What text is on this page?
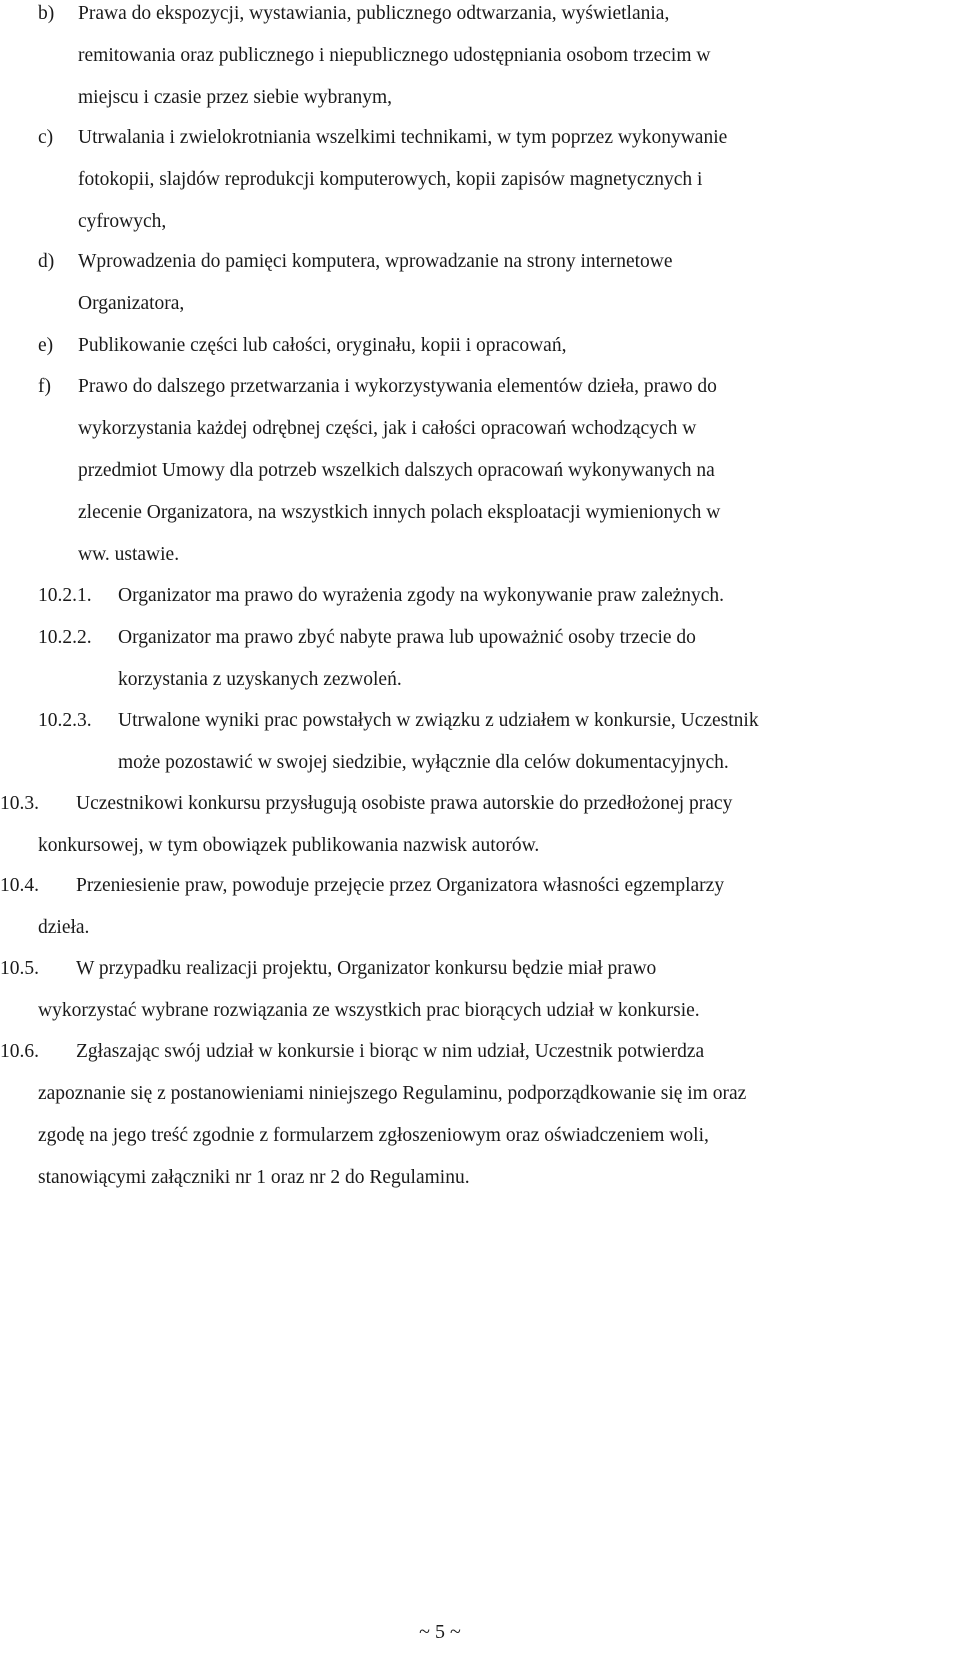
b) Prawa do ekspozycji, wystawiania, publicznego odtwarzania, wyświetlania,
remitowania oraz publicznego i niepublicznego udostępniania osobom trzecim w
miejscu i czasie przez siebie wybranym,
c) Utrwalania i zwielokrotniania wszelkimi technikami, w tym poprzez wykonywanie
fotokopii, slajdów reprodukcji komputerowych, kopii zapisów magnetycznych i
cyfrowych,
d) Wprowadzenia do pamięci komputera, wprowadzanie na strony internetowe
Organizatora,
e) Publikowanie części lub całości, oryginału, kopii i opracowań,
f) Prawo do dalszego przetwarzania i wykorzystywania elementów dzieła, prawo do
wykorzystania każdej odrębnej części, jak i całości opracowań wchodzących w
przedmiot Umowy dla potrzeb wszelkich dalszych opracowań wykonywanych na
zlecenie Organizatora, na wszystkich innych polach eksploatacji wymienionych w
ww. ustawie.
10.2.1. Organizator ma prawo do wyrażenia zgody na wykonywanie praw zależnych.
10.2.2. Organizator ma prawo zbyć nabyte prawa lub upoważnić osoby trzecie do
korzystania z uzyskanych zezwoleń.
10.2.3. Utrwalone wyniki prac powstałych w związku z udziałem w konkursie, Uczestnik
może pozostawić w swojej siedzibie, wyłącznie dla celów dokumentacyjnych.
10.3. Uczestnikowi konkursu przysługują osobiste prawa autorskie do przedłożonej pracy
konkursowej, w tym obowiązek publikowania nazwisk autorów.
10.4. Przeniesienie praw, powoduje przejęcie przez Organizatora własności egzemplarzy
dzieła.
10.5. W przypadku realizacji projektu, Organizator konkursu będzie miał prawo
wykorzystać wybrane rozwiązania ze wszystkich prac biorących udział w konkursie.
10.6. Zgłaszając swój udział w konkursie i biorąc w nim udział, Uczestnik potwierdza
zapoznanie się z postanowieniami niniejszego Regulaminu, podporządkowanie się im oraz
zgodę na jego treść zgodnie z formularzem zgłoszeniowym oraz oświadczeniem woli,
stanowiącymi załączniki nr 1 oraz nr 2 do Regulaminu.
~ 5 ~
